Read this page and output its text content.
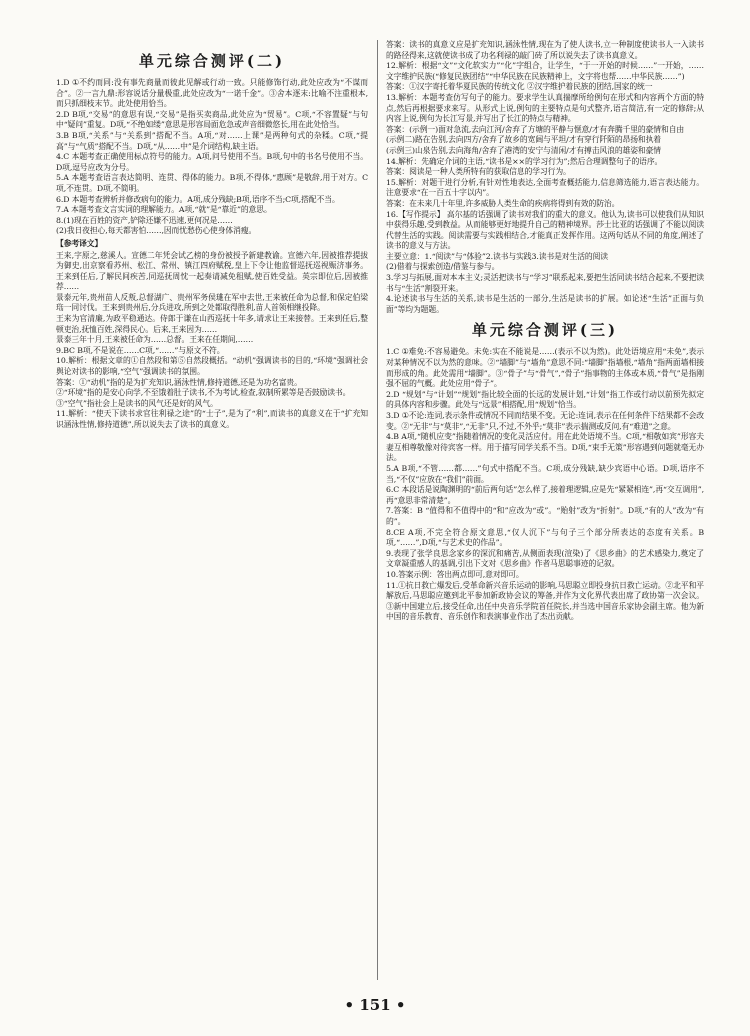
单元综合测评(二)

1.D ①不约而同:没有事先商量而彼此见解或行动一致。只能修饰行动,此处应改为“不谋而合”。②一言九鼎:形容说话分量极重,此处应改为“一诺千金”。③舍本逐末:比喻不注重根本,而只抓细枝末节。此处使用恰当。

2.D B项,“交易”的意思有误,“交易”是指买卖商品,此处应为“贸易”。C项,“不容置疑”与句中“疑问”重复。D项,“不绝如缕”意思是形容局面危急或声音细微悠长,用在此处恰当。

3.B B项,“关系”与“关系到”搭配不当。A项,“对……上课”是两种句式的杂糅。C项,“提高”与“气质”搭配不当。D项,“从……中”是介词结构,缺主语。

4.C 本题考查正确使用标点符号的能力。A项,问号使用不当。B项,句中的书名号使用不当。D项,逗号应改为分号。

5.A 本题考查语言表达简明、连贯、得体的能力。B项,不得体,“惠顾”是敬辞,用于对方。C项,不连贯。D项,不简明。

6.D 本题考查辨析并修改病句的能力。A项,成分残缺;B项,语序不当;C项,搭配不当。

7.A 本题考查文言实词的理解能力。A项,“就”是“靠近”的意思。

8.(1)现在百姓的资产,铲除还嫌不迅速,更何况是……

(2)我日夜担心,每天都害怕……,因而忧愁伤心使身体消瘦。

【参考译文】

王来,字原之,慈溪人。宣德二年凭会试乙榜的身份被授予新建教谕。宣德六年,因被推荐提拔为御史,出京察看苏州、松江、常州、镇江四府赋税,皇上下令让他监督巡抚巡视赈济事务。王来到任后,了解民间疾苦,同巡抚周忱一起奏请减免租赋,使百姓受益。英宗即位后,因被推荐……

景泰元年,贵州苗人反叛,总督湖广、贵州军务侯璡在军中去世,王来被任命为总督,和保定伯梁珤一同讨伐。王来到贵州后,分兵进攻,所到之处都取得胜利,苗人首领相继投降。

王来为官清廉,为政平稳通达。侍郎于谦在山西巡抚十年多,请求让王来接替。王来到任后,整顿吏治,抚恤百姓,深得民心。后来,王来因为……

景泰三年十月,王来被任命为……总督。王来在任期间,……

9.BC B项,不是说在……C项,“……”与原文不符。

10.解析：根据文章的①自然段和第⑤自然段概括。“动机”强调读书的目的,“环境”强调社会舆论对读书的影响,“空气”强调读书的氛围。

答案：①“动机”指的是为扩充知识,涵泳性情,修持道德,还是为功名富贵。

②“环境”指的是安心向学,不至饿着肚子读书,不为考试,检查,叙制所累等是否鼓励读书。

③“空气”指社会上是读书的风气还是好的风气。

11.解析：“使天下读书求官往利禄之途”的“士子”,是为了“利”,而读书的真意义在于“扩充知识涵泳性情,修持道德”,所以说失去了读书的真意义。

答案：读书的真意义应是扩充知识,涵泳性情,现在为了使人读书,立一种制度使读书人一入读书的路径得来,这就使读书成了功名利禄的敲门砖了所以说失去了读书真意义。

12.解析：根据“文”“文化软实力”“化”字组合，让学生，“于一开始的时候……”一开始，……文字维护民族(“修复民族团结”“中华民族在民族精神上，文字将也帮……中华民族……”)

答案：①汉字寄托着华夏民族的传统文化 ②汉字维护着民族的团结,国家的统一

13.解析：本题考查仿写句子的能力。要求学生认真揣摩所给例句在形式和内容两个方面的特点,然后再根据要求来写。从形式上说,例句的主要特点是句式整齐,语言简洁,有一定的修辞;从内容上说,例句为长江写景,并写出了长江的特点与精神。

答案：(示例一)面对急流,去向江河/舍弃了方塘的平静与惬意/才有奔腾千里的豪情和自由

(示例二)路在告别,去向四方/舍弃了故乡的宽阔与平坦/才有穿行阡陌的昂扬和执着

(示例三)山泉告别,去向海角/舍弃了港湾的安宁与清闲/才有搏击风浪的雄姿和豪情

14.解析：先确定介词的主语,“读书是××的学习行为”;然后合理调整句子的语序。

答案：阅读是一种人类所特有的获取信息的学习行为。

15.解析：对题干进行分析,有针对性地表达,全面考查概括能力,信息筛选能力,语言表达能力。注意要求“在一百五十字以内”。

答案：在未来几十年里,许多威胁人类生命的疾病将得到有效的防治。

16.【写作提示】 高尔基的话强调了读书对我们的重大的意义。他认为,读书可以使我们从知识中获得乐趣,受到教益。从而能够更好地提升自己的精神境界。莎士比亚的话强调了不能以阅读代替生活的实践。阅读需要与实践相结合,才能真正发挥作用。这两句话从不同的角度,阐述了读书的意义与方法。

主要立意：1.“阅读”与“体验”2.读书与实践3.读书是对生活的阅读

(2)借着与探索创造/借鉴与参与。

3.学习与拓展,面对本本主义;灵活把读书与“学习”联系起来,要把生活同读书结合起来,不要把读书与“生活”割裂开来。

4.论述读书与生活的关系,读书是生活的一部分,生活是读书的扩展。如论述“生活”正面与负面”等均为题题。

单元综合测评(三)

1.C ①难免:不容易避免。未免:实在不能说是……(表示不以为然)。此处语境应用“未免”,表示对某种情况不以为然的意味。②“墙脚”与“墙角”意思不同:“墙脚”指墙根,“墙角”指两面墙相接而形成的角。此处需用“墙脚”。③“骨子”与“骨气”,“骨子”指事物的主体或本质,“骨气”是指刚强不屈的气概。此处应用“骨子”。

2.D “规划”与“计划”“规划”指比较全面的长远的发展计划,“计划”指工作或行动以前预先拟定的具体内容和步骤。此处与“远景”相搭配,用“规划”恰当。

3.D ①不论:连词,表示条件或情况不同而结果不变。无论:连词,表示在任何条件下结果都不会改变。②“无非”与“莫非”,“无非”只,不过,不外乎;“莫非”表示揣测或反问,有“难道”之意。

4.B A项,“随机应变”指随着情况的变化灵活应付。用在此处语境不当。C项,“相敬如宾”形容夫妻互相尊敬像对待宾客一样。用于描写同学关系不当。D项,“束手无策”形容遇到问题就毫无办法。

5.A B项,“不管……都……”句式中搭配不当。C项,成分残缺,缺少宾语中心语。D项,语序不当,“不仅”应放在“我们”前面。

6.C 本段话是说陶渊明的“前后两句话”怎么样了,接着理逻辑,应是先“紧紧相连”,再“交互调用”,再“意思非常清楚”。

7.答案：B “值得和不值得中的“和”应改为“或”。“贻射”改为“折射”。D项,“有的人”改为“有的”。

8.CE A项,不完全符合原文意思,“仅人沉下”与句子三个部分所表达的态度有关系。B项,“……”,D项,“与艺术史的作品”。

9.表现了张学良思念家乡的深沉和痛苦,从侧面表现(渲染)了《思乡曲》的艺术感染力,奠定了文章凝重感人的基调,引出下文对《思乡曲》作者马思聪事迹的记叙。

10.答案示例：答出两点即可,意对即可。

11.①抗日救亡爆发后,受革命新兴音乐运动的影响,马思聪立即投身抗日救亡运动。②北平和平解放后,马思聪应邀到北平参加新政协会议的筹备,并作为文化界代表出席了政协第一次会议。③新中国建立后,接受任命,出任中央音乐学院首任院长,并当选中国音乐家协会副主席。他为新中国的音乐教育、音乐创作和表演事业作出了杰出贡献。

• 151 •
